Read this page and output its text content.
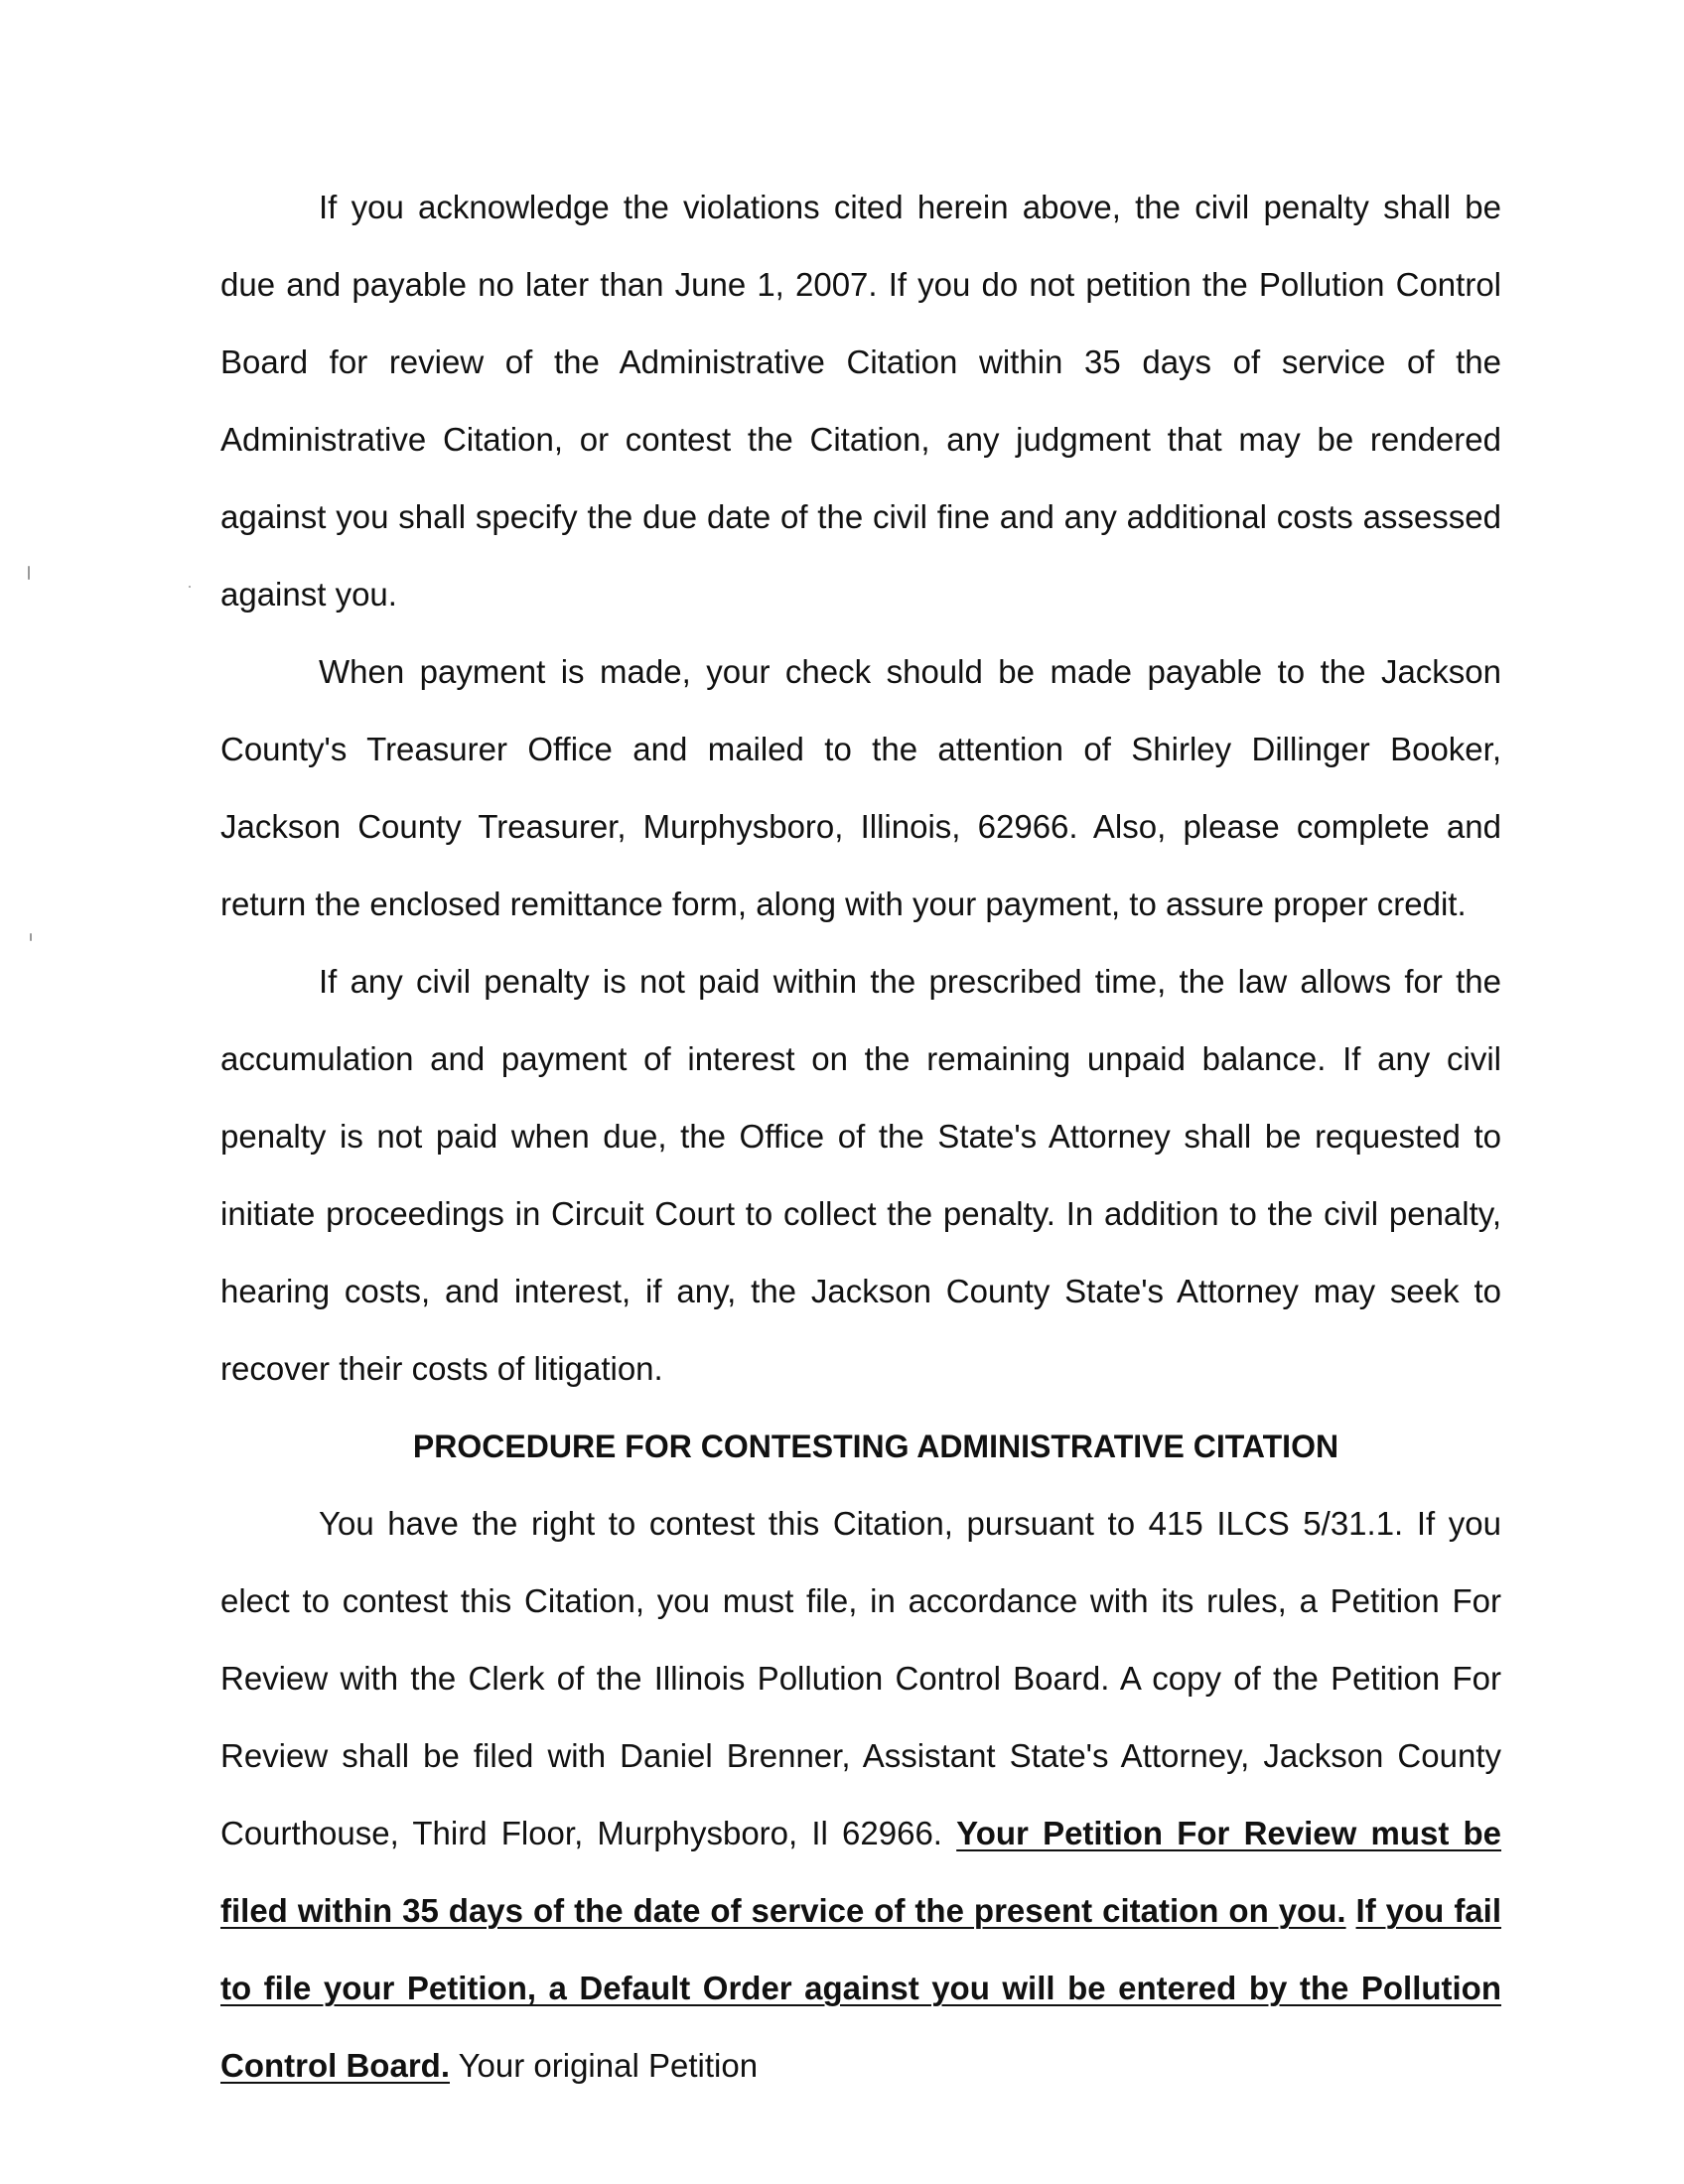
If you acknowledge the violations cited herein above, the civil penalty shall be due and payable no later than June 1, 2007. If you do not petition the Pollution Control Board for review of the Administrative Citation within 35 days of service of the Administrative Citation, or contest the Citation, any judgment that may be rendered against you shall specify the due date of the civil fine and any additional costs assessed against you.

When payment is made, your check should be made payable to the Jackson County's Treasurer Office and mailed to the attention of Shirley Dillinger Booker, Jackson County Treasurer, Murphysboro, Illinois, 62966. Also, please complete and return the enclosed remittance form, along with your payment, to assure proper credit.

If any civil penalty is not paid within the prescribed time, the law allows for the accumulation and payment of interest on the remaining unpaid balance. If any civil penalty is not paid when due, the Office of the State's Attorney shall be requested to initiate proceedings in Circuit Court to collect the penalty. In addition to the civil penalty, hearing costs, and interest, if any, the Jackson County State's Attorney may seek to recover their costs of litigation.

PROCEDURE FOR CONTESTING ADMINISTRATIVE CITATION

You have the right to contest this Citation, pursuant to 415 ILCS 5/31.1. If you elect to contest this Citation, you must file, in accordance with its rules, a Petition For Review with the Clerk of the Illinois Pollution Control Board. A copy of the Petition For Review shall be filed with Daniel Brenner, Assistant State's Attorney, Jackson County Courthouse, Third Floor, Murphysboro, Il 62966. Your Petition For Review must be filed within 35 days of the date of service of the present citation on you. If you fail to file your Petition, a Default Order against you will be entered by the Pollution Control Board. Your original Petition
